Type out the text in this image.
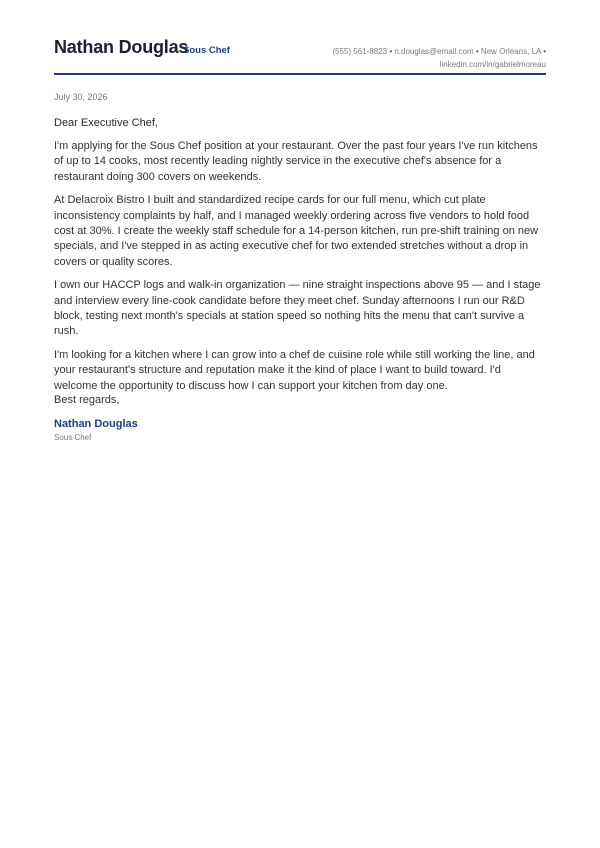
Nathan Douglas
Sous Chef	(555) 561-8823 • n.douglas@email.com • New Orleans, LA •
linkedin.com/in/gabrielmoreau
July 30, 2026
Dear Executive Chef,

I'm applying for the Sous Chef position at your restaurant. Over the past four years I've run kitchens of up to 14 cooks, most recently leading nightly service in the executive chef's absence for a restaurant doing 300 covers on weekends.

At Delacroix Bistro I built and standardized recipe cards for our full menu, which cut plate inconsistency complaints by half, and I managed weekly ordering across five vendors to hold food cost at 30%. I create the weekly staff schedule for a 14-person kitchen, run pre-shift training on new specials, and I've stepped in as acting executive chef for two extended stretches without a drop in covers or quality scores.

I own our HACCP logs and walk-in organization — nine straight inspections above 95 — and I stage and interview every line-cook candidate before they meet chef. Sunday afternoons I run our R&D block, testing next month's specials at station speed so nothing hits the menu that can't survive a rush.

I'm looking for a kitchen where I can grow into a chef de cuisine role while still working the line, and your restaurant's structure and reputation make it the kind of place I want to build toward. I'd welcome the opportunity to discuss how I can support your kitchen from day one.

Best regards,
Nathan Douglas
Sous Chef
